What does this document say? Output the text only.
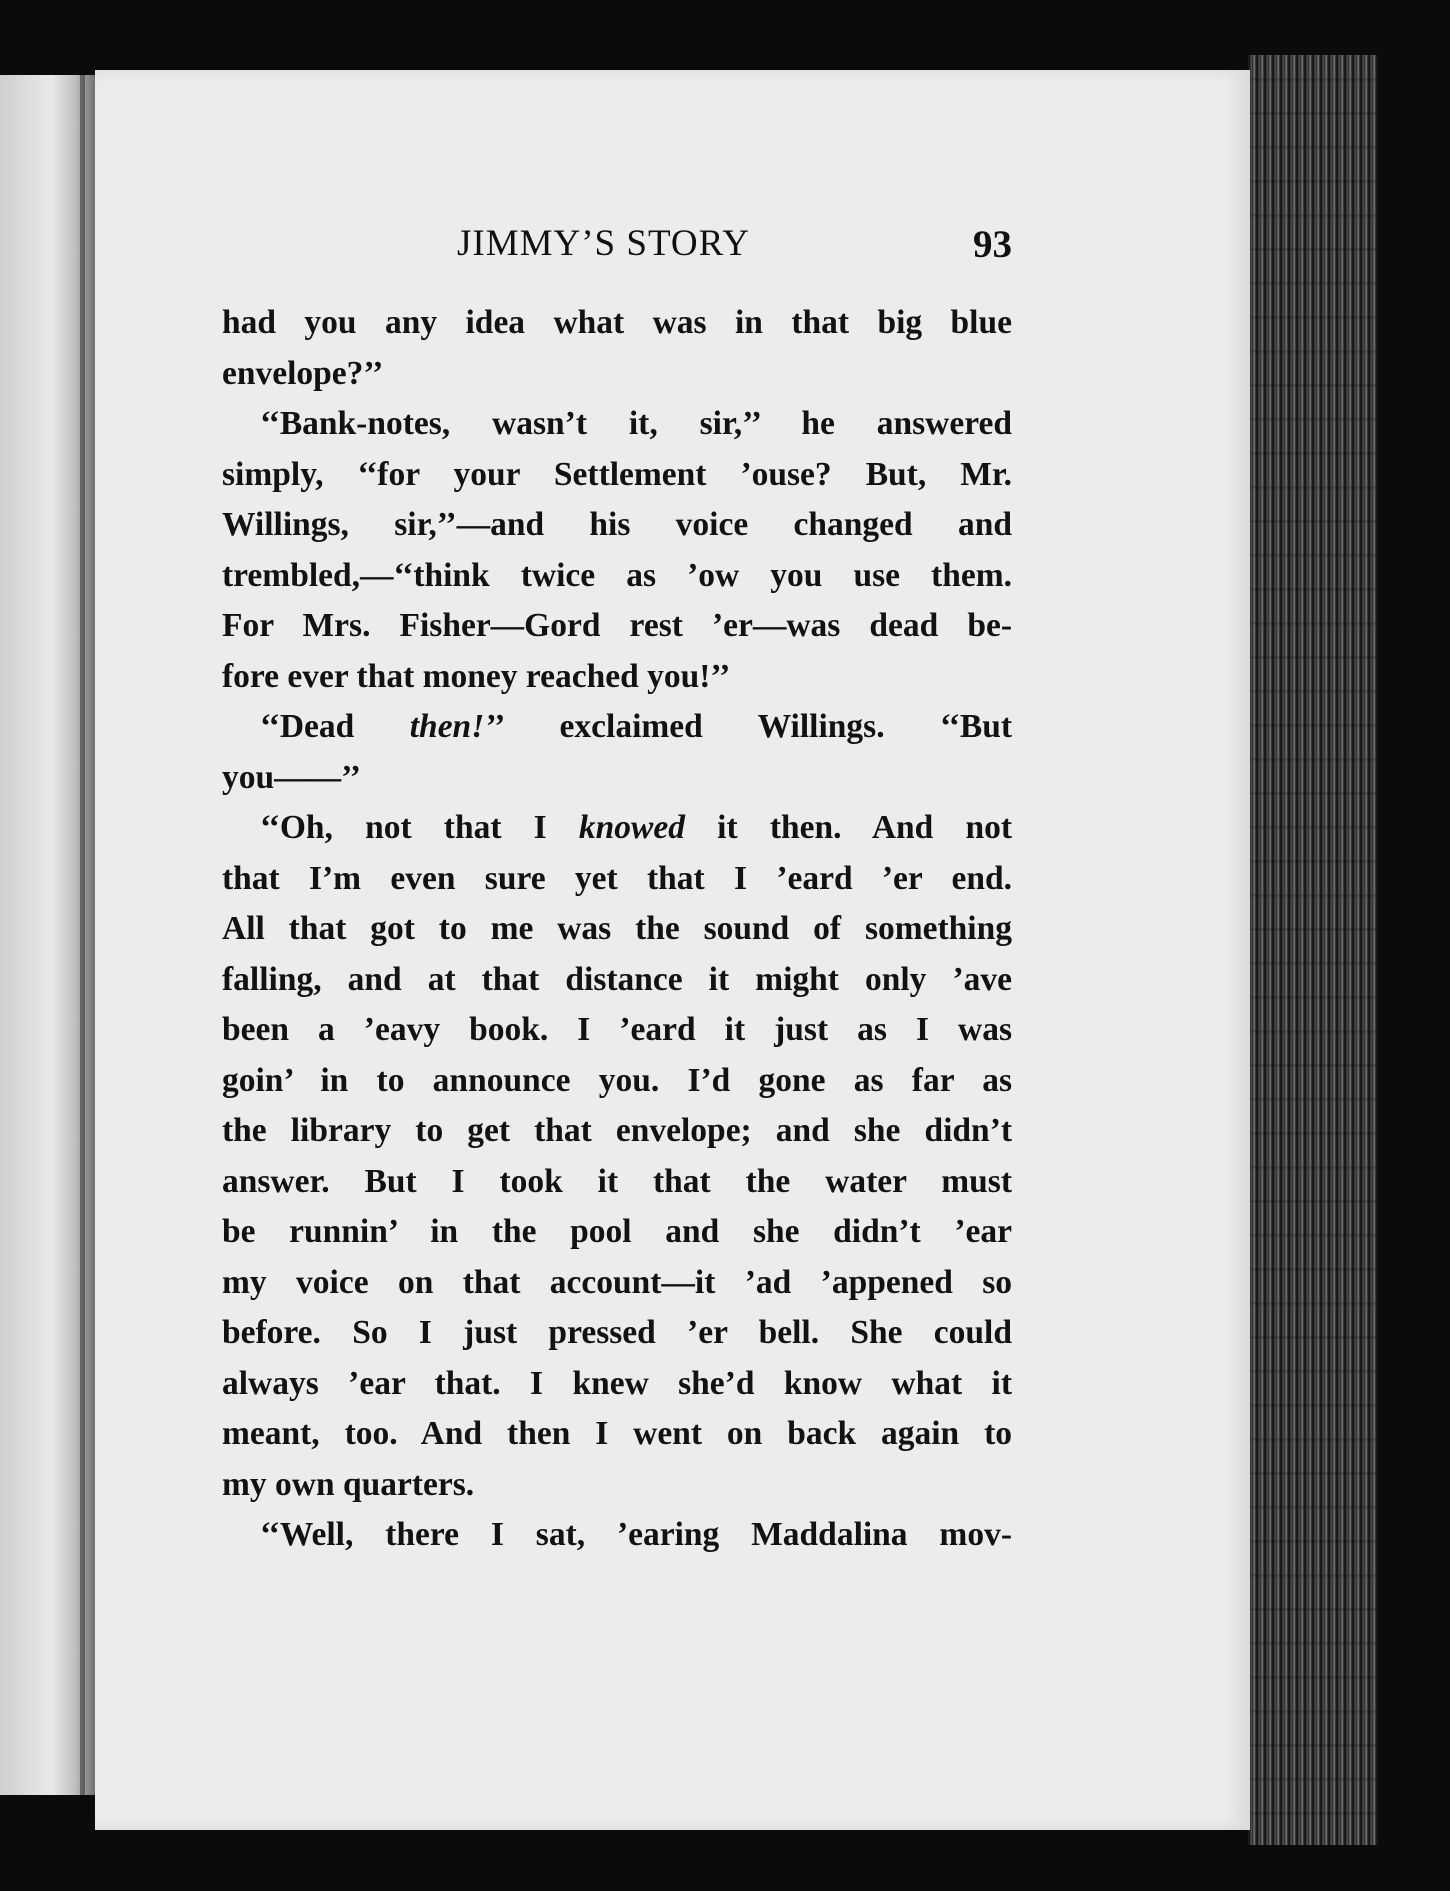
JIMMY’S STORY	93
had you any idea what was in that big blue
envelope?’’
‘‘Bank-notes, wasn’t it, sir,’’ he answered
simply, ‘‘for your Settlement ’ouse? But, Mr.
Willings, sir,’’—and his voice changed and
trembled,—‘‘think twice as ’ow you use them.
For Mrs. Fisher—Gord rest ’er—was dead be-
fore ever that money reached you!’’
‘‘Dead then!’’ exclaimed Willings. ‘‘But
you——’’
‘‘Oh, not that I knowed it then. And not
that I’m even sure yet that I ’eard ’er end.
All that got to me was the sound of something
falling, and at that distance it might only ’ave
been a ’eavy book. I ’eard it just as I was
goin’ in to announce you. I’d gone as far as
the library to get that envelope; and she didn’t
answer. But I took it that the water must
be runnin’ in the pool and she didn’t ’ear
my voice on that account—it ’ad ’appened so
before. So I just pressed ’er bell. She could
always ’ear that. I knew she’d know what it
meant, too. And then I went on back again to
my own quarters.
‘‘Well, there I sat, ’earing Maddalina mov-
